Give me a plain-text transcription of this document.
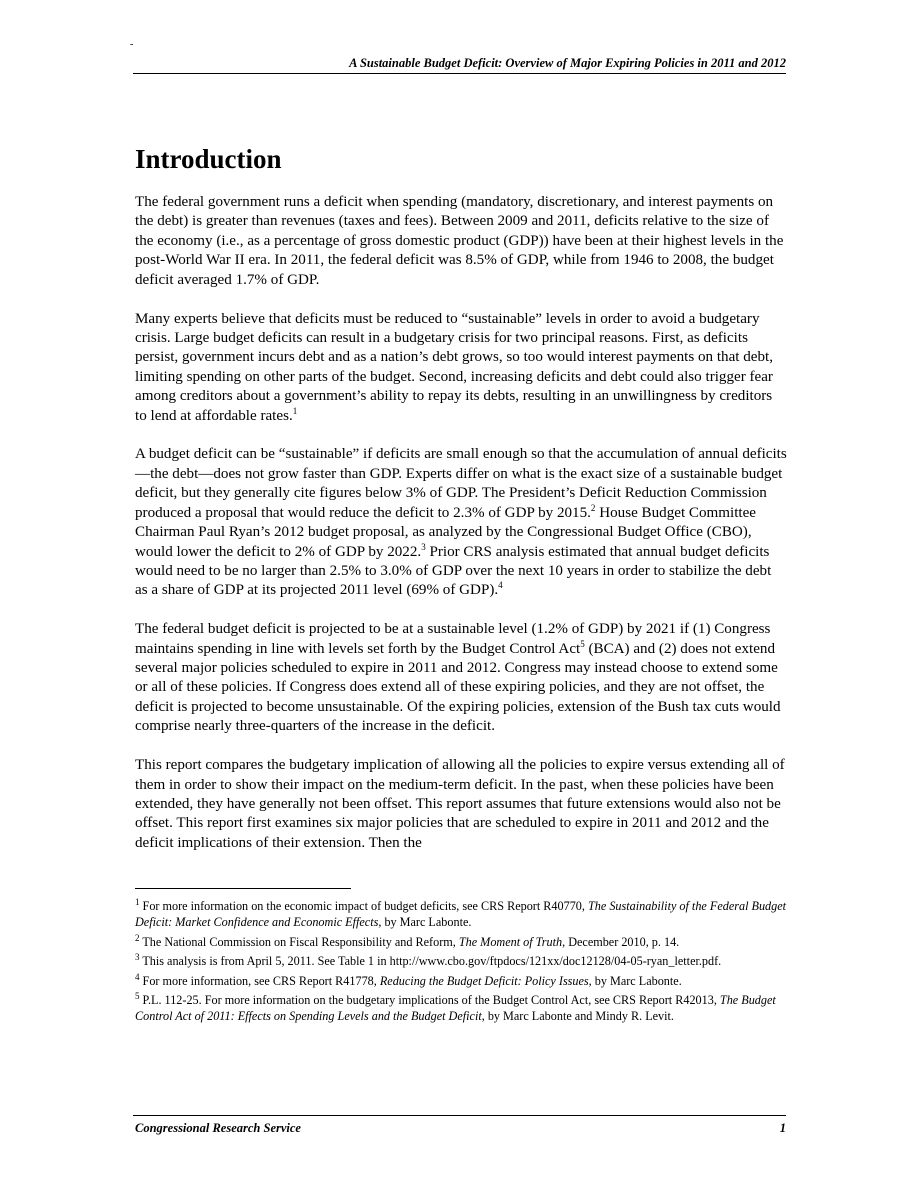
-
A Sustainable Budget Deficit: Overview of Major Expiring Policies in 2011 and 2012
Introduction

The federal government runs a deficit when spending (mandatory, discretionary, and interest payments on the debt) is greater than revenues (taxes and fees). Between 2009 and 2011, deficits relative to the size of the economy (i.e., as a percentage of gross domestic product (GDP)) have been at their highest levels in the post-World War II era. In 2011, the federal deficit was 8.5% of GDP, while from 1946 to 2008, the budget deficit averaged 1.7% of GDP.

Many experts believe that deficits must be reduced to “sustainable” levels in order to avoid a budgetary crisis. Large budget deficits can result in a budgetary crisis for two principal reasons. First, as deficits persist, government incurs debt and as a nation’s debt grows, so too would interest payments on that debt, limiting spending on other parts of the budget. Second, increasing deficits and debt could also trigger fear among creditors about a government’s ability to repay its debts, resulting in an unwillingness by creditors to lend at affordable rates.$^1$

A budget deficit can be “sustainable” if deficits are small enough so that the accumulation of annual deficits—the debt—does not grow faster than GDP. Experts differ on what is the exact size of a sustainable budget deficit, but they generally cite figures below 3% of GDP. The President’s Deficit Reduction Commission produced a proposal that would reduce the deficit to 2.3% of GDP by 2015.$^2$ House Budget Committee Chairman Paul Ryan’s 2012 budget proposal, as analyzed by the Congressional Budget Office (CBO), would lower the deficit to 2% of GDP by 2022.$^3$ Prior CRS analysis estimated that annual budget deficits would need to be no larger than 2.5% to 3.0% of GDP over the next 10 years in order to stabilize the debt as a share of GDP at its projected 2011 level (69% of GDP).$^4$

The federal budget deficit is projected to be at a sustainable level (1.2% of GDP) by 2021 if (1) Congress maintains spending in line with levels set forth by the Budget Control Act$^5$ (BCA) and (2) does not extend several major policies scheduled to expire in 2011 and 2012. Congress may instead choose to extend some or all of these policies. If Congress does extend all of these expiring policies, and they are not offset, the deficit is projected to become unsustainable. Of the expiring policies, extension of the Bush tax cuts would comprise nearly three-quarters of the increase in the deficit.

This report compares the budgetary implication of allowing all the policies to expire versus extending all of them in order to show their impact on the medium-term deficit. In the past, when these policies have been extended, they have generally not been offset. This report assumes that future extensions would also not be offset. This report first examines six major policies that are scheduled to expire in 2011 and 2012 and the deficit implications of their extension. Then the

$^1$ For more information on the economic impact of budget deficits, see CRS Report R40770, The Sustainability of the Federal Budget Deficit: Market Confidence and Economic Effects, by Marc Labonte.
$^2$ The National Commission on Fiscal Responsibility and Reform, The Moment of Truth, December 2010, p. 14.
$^3$ This analysis is from April 5, 2011. See Table 1 in http://www.cbo.gov/ftpdocs/121xx/doc12128/04-05-ryan_letter.pdf.
$^4$ For more information, see CRS Report R41778, Reducing the Budget Deficit: Policy Issues, by Marc Labonte.
$^5$ P.L. 112-25. For more information on the budgetary implications of the Budget Control Act, see CRS Report R42013, The Budget Control Act of 2011: Effects on Spending Levels and the Budget Deficit, by Marc Labonte and Mindy R. Levit.
Congressional Research Service	1
